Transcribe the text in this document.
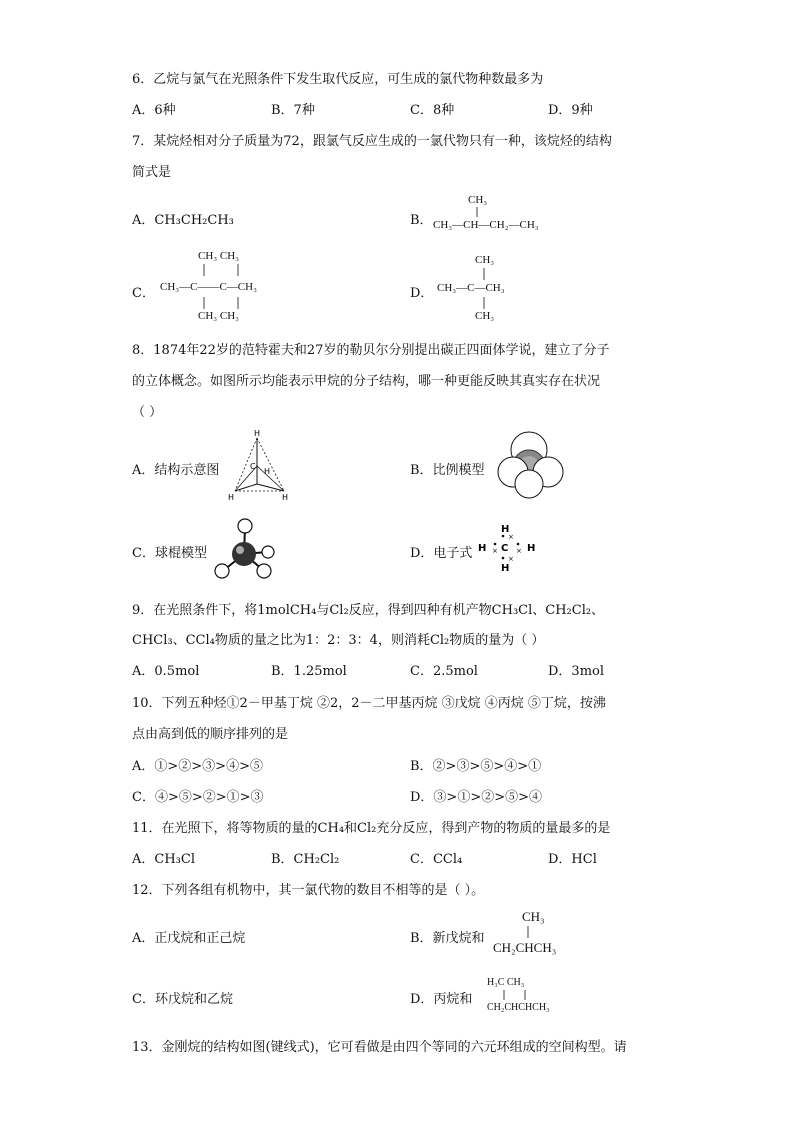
6．乙烷与氯气在光照条件下发生取代反应，可生成的氯代物种数最多为
A．6种	B．7种	C．8种	D．9种
7．某烷烃相对分子质量为72，跟氯气反应生成的一氯代物只有一种，该烷烃的结构
简式是
A．CH₃CH₂CH₃	B．
CH₃
CH₃—CH—CH₂—CH₃
C．
CH₃ CH₃
CH₃—C——C—CH₃
CH₃ CH₃
D．
CH₃
CH₃—C—CH₃
CH₃
8．1874年22岁的范特霍夫和27岁的勒贝尔分别提出碳正四面体学说，建立了分子
的立体概念。如图所示均能表示甲烷的分子结构，哪一种更能反映其真实存在状况
（ ）
A．结构示意图
H
C
H
H	H
B．比例模型
C．球棍模型	D．电子式
H
H C H
H
×
×
×	×
9．在光照条件下，将1molCH₄与Cl₂反应，得到四种有机产物CH₃Cl、CH₂Cl₂、
CHCl₃、CCl₄物质的量之比为1：2：3：4，则消耗Cl₂物质的量为（ ）
A．0.5mol	B．1.25mol	C．2.5mol	D．3mol
10．下列五种烃①2－甲基丁烷 ②2，2－二甲基丙烷 ③戊烷 ④丙烷 ⑤丁烷，按沸
点由高到低的顺序排列的是
A．①>②>③>④>⑤	B．②>③>⑤>④>①
C．④>⑤>②>①>③	D．③>①>②>⑤>④
11．在光照下，将等物质的量的CH₄和Cl₂充分反应，得到产物的物质的量最多的是
A．CH₃Cl	B．CH₂Cl₂	C．CCl₄	D．HCl
12．下列各组有机物中，其一氯代物的数目不相等的是（ ）。
A．正戊烷和正己烷	B．新戊烷和
CH₃
CH₂CHCH₃
C．环戊烷和乙烷	D．丙烷和
H₃C CH₃
CH₂CHCHCH₃
13．金刚烷的结构如图(键线式)，它可看做是由四个等同的六元环组成的空间构型。请
